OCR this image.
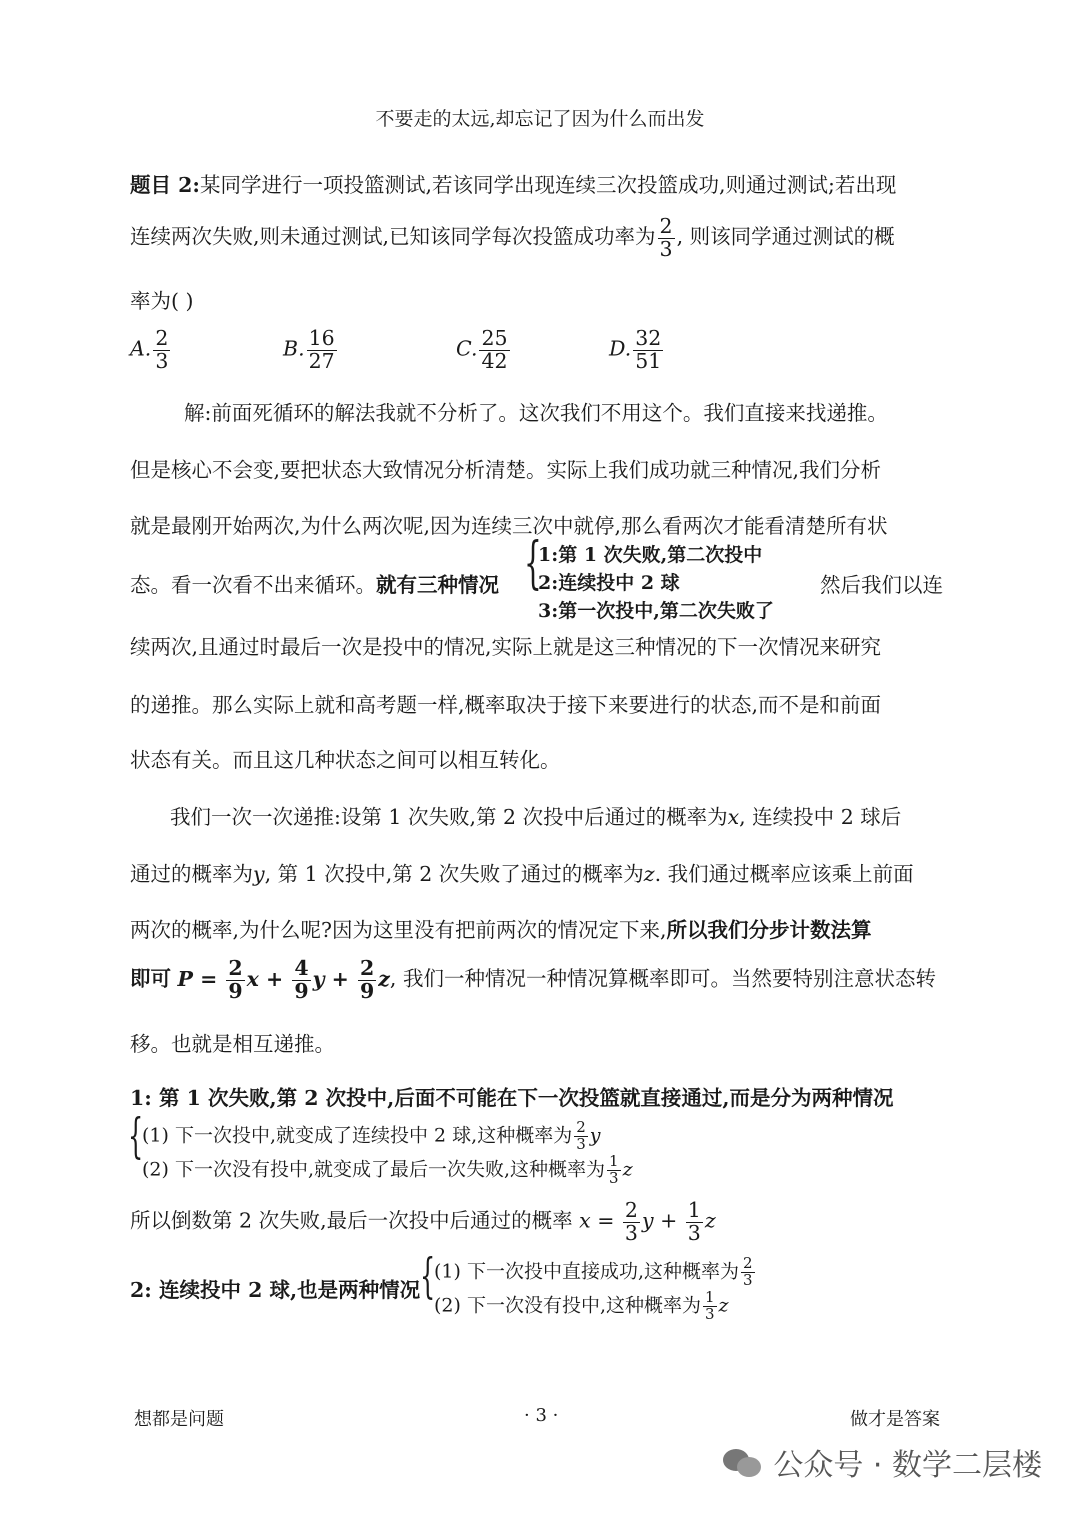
不要走的太远,却忘记了因为什么而出发
题目 2:某同学进行一项投篮测试,若该同学出现连续三次投篮成功,则通过测试;若出现
连续两次失败,则未通过测试,已知该同学每次投篮成功率为 $\frac{2}{3}$ , 则该同学通过测试的概
率为( )
A. $\frac{2}{3}$	B. $\frac{16}{27}$	C. $\frac{25}{42}$	D. $\frac{32}{51}$
解:前面死循环的解法我就不分析了。这次我们不用这个。我们直接来找递推。
但是核心不会变,要把状态大致情况分析清楚。实际上我们成功就三种情况,我们分析
就是最刚开始两次,为什么两次呢,因为连续三次中就停,那么看两次才能看清楚所有状
态。看一次看不出来循环。就有三种情况 {
1:第 1 次失败,第二次投中
2:连续投中 2 球
3:第一次投中,第二次失败了
然后我们以连
续两次,且通过时最后一次是投中的情况,实际上就是这三种情况的下一次情况来研究
的递推。那么实际上就和高考题一样,概率取决于接下来要进行的状态,而不是和前面
状态有关。而且这几种状态之间可以相互转化。
我们一次一次递推:设第 1 次失败,第 2 次投中后通过的概率为x, 连续投中 2 球后
通过的概率为y, 第 1 次投中,第 2 次失败了通过的概率为z. 我们通过概率应该乘上前面
两次的概率,为什么呢?因为这里没有把前两次的情况定下来,所以我们分步计数法算
即可 $P = \frac{2}{9}$ $x + \frac{4}{9}$ $y + \frac{2}{9} z$, 我们一种情况一种情况算概率即可。当然要特别注意状态转
移。也就是相互递推。
1: 第 1 次失败,第 2 次投中,后面不可能在下一次投篮就直接通过,而是分为两种情况
{
(1) 下一次投中,就变成了连续投中 2 球,这种概率为 $\frac{2}{3}$ y
(2) 下一次没有投中,就变成了最后一次失败,这种概率为 $\frac{1}{3}$ z
所以倒数第 2 次失败,最后一次投中后通过的概率 $x = \frac{2}{3}$ $y + \frac{1}{3}$ z
2: 连续投中 2 球,也是两种情况 {
(1) 下一次投中直接成功,这种概率为 $\frac{2}{3}$
(2) 下一次没有投中,这种概率为 $\frac{1}{3}$ z
想都是问题	· 3 ·	做才是答案
公众号 · 数学二层楼
